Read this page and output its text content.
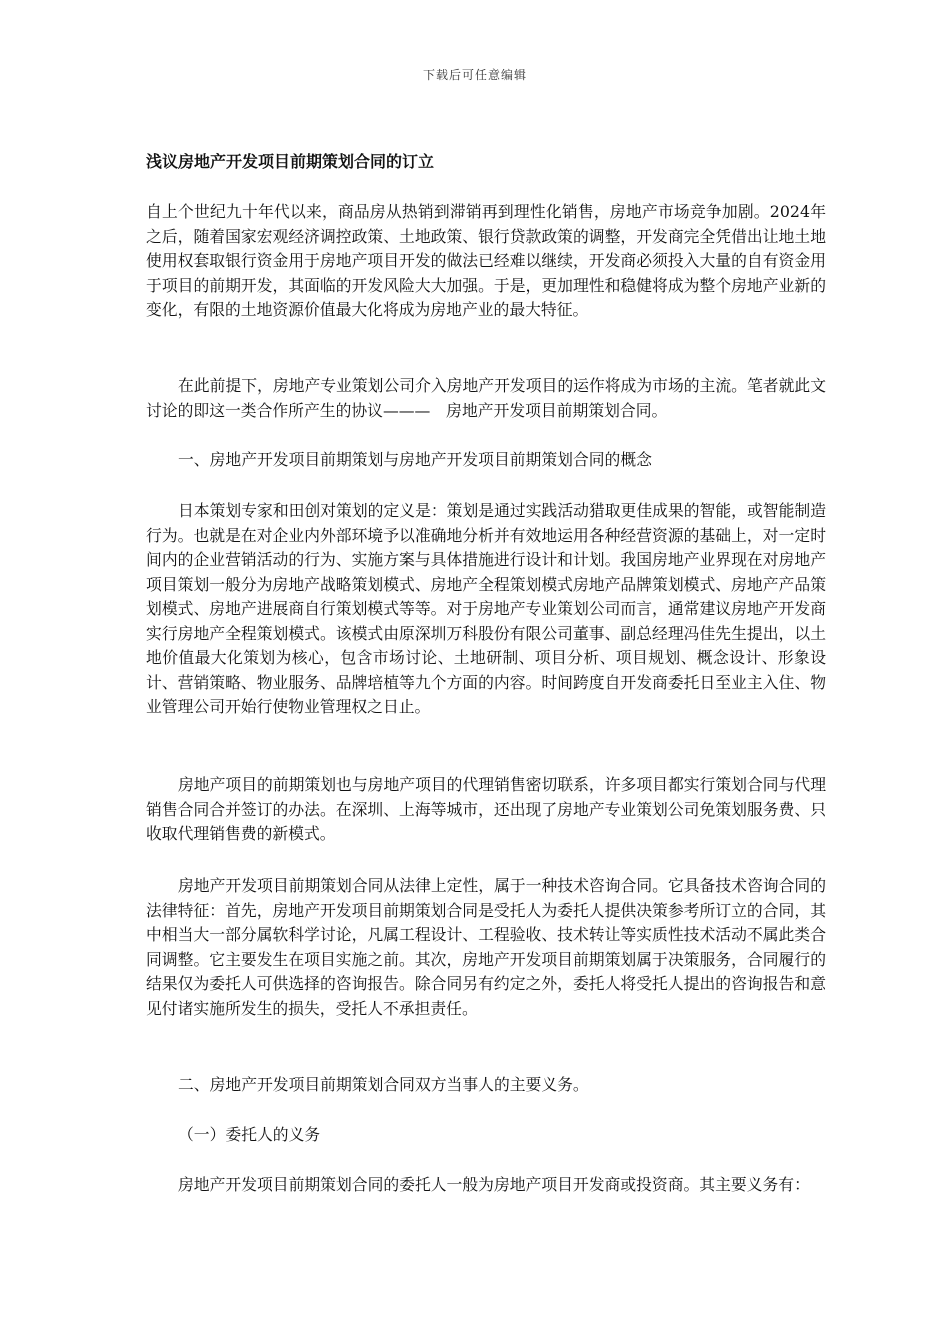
下载后可任意编辑
浅议房地产开发项目前期策划合同的订立

自上个世纪九十年代以来，商品房从热销到滞销再到理性化销售，房地产市场竞争加剧。2024年之后，随着国家宏观经济调控政策、土地政策、银行贷款政策的调整，开发商完全凭借出让地土地使用权套取银行资金用于房地产项目开发的做法已经难以继续，开发商必须投入大量的自有资金用于项目的前期开发，其面临的开发风险大大加强。于是，更加理性和稳健将成为整个房地产业新的变化，有限的土地资源价值最大化将成为房地产业的最大特征。

在此前提下，房地产专业策划公司介入房地产开发项目的运作将成为市场的主流。笔者就此文讨论的即这一类合作所产生的协议———　房地产开发项目前期策划合同。

一、房地产开发项目前期策划与房地产开发项目前期策划合同的概念

日本策划专家和田创对策划的定义是：策划是通过实践活动猎取更佳成果的智能，或智能制造行为。也就是在对企业内外部环境予以准确地分析并有效地运用各种经营资源的基础上，对一定时间内的企业营销活动的行为、实施方案与具体措施进行设计和计划。我国房地产业界现在对房地产项目策划一般分为房地产战略策划模式、房地产全程策划模式房地产品牌策划模式、房地产产品策划模式、房地产进展商自行策划模式等等。对于房地产专业策划公司而言，通常建议房地产开发商实行房地产全程策划模式。该模式由原深圳万科股份有限公司董事、副总经理冯佳先生提出，以土地价值最大化策划为核心，包含市场讨论、土地研制、项目分析、项目规划、概念设计、形象设计、营销策略、物业服务、品牌培植等九个方面的内容。时间跨度自开发商委托日至业主入住、物业管理公司开始行使物业管理权之日止。

房地产项目的前期策划也与房地产项目的代理销售密切联系，许多项目都实行策划合同与代理销售合同合并签订的办法。在深圳、上海等城市，还出现了房地产专业策划公司免策划服务费、只收取代理销售费的新模式。

房地产开发项目前期策划合同从法律上定性，属于一种技术咨询合同。它具备技术咨询合同的法律特征：首先，房地产开发项目前期策划合同是受托人为委托人提供决策参考所订立的合同，其中相当大一部分属软科学讨论，凡属工程设计、工程验收、技术转让等实质性技术活动不属此类合同调整。它主要发生在项目实施之前。其次，房地产开发项目前期策划属于决策服务，合同履行的结果仅为委托人可供选择的咨询报告。除合同另有约定之外，委托人将受托人提出的咨询报告和意见付诸实施所发生的损失，受托人不承担责任。

二、房地产开发项目前期策划合同双方当事人的主要义务。

（一）委托人的义务

房地产开发项目前期策划合同的委托人一般为房地产项目开发商或投资商。其主要义务有：
